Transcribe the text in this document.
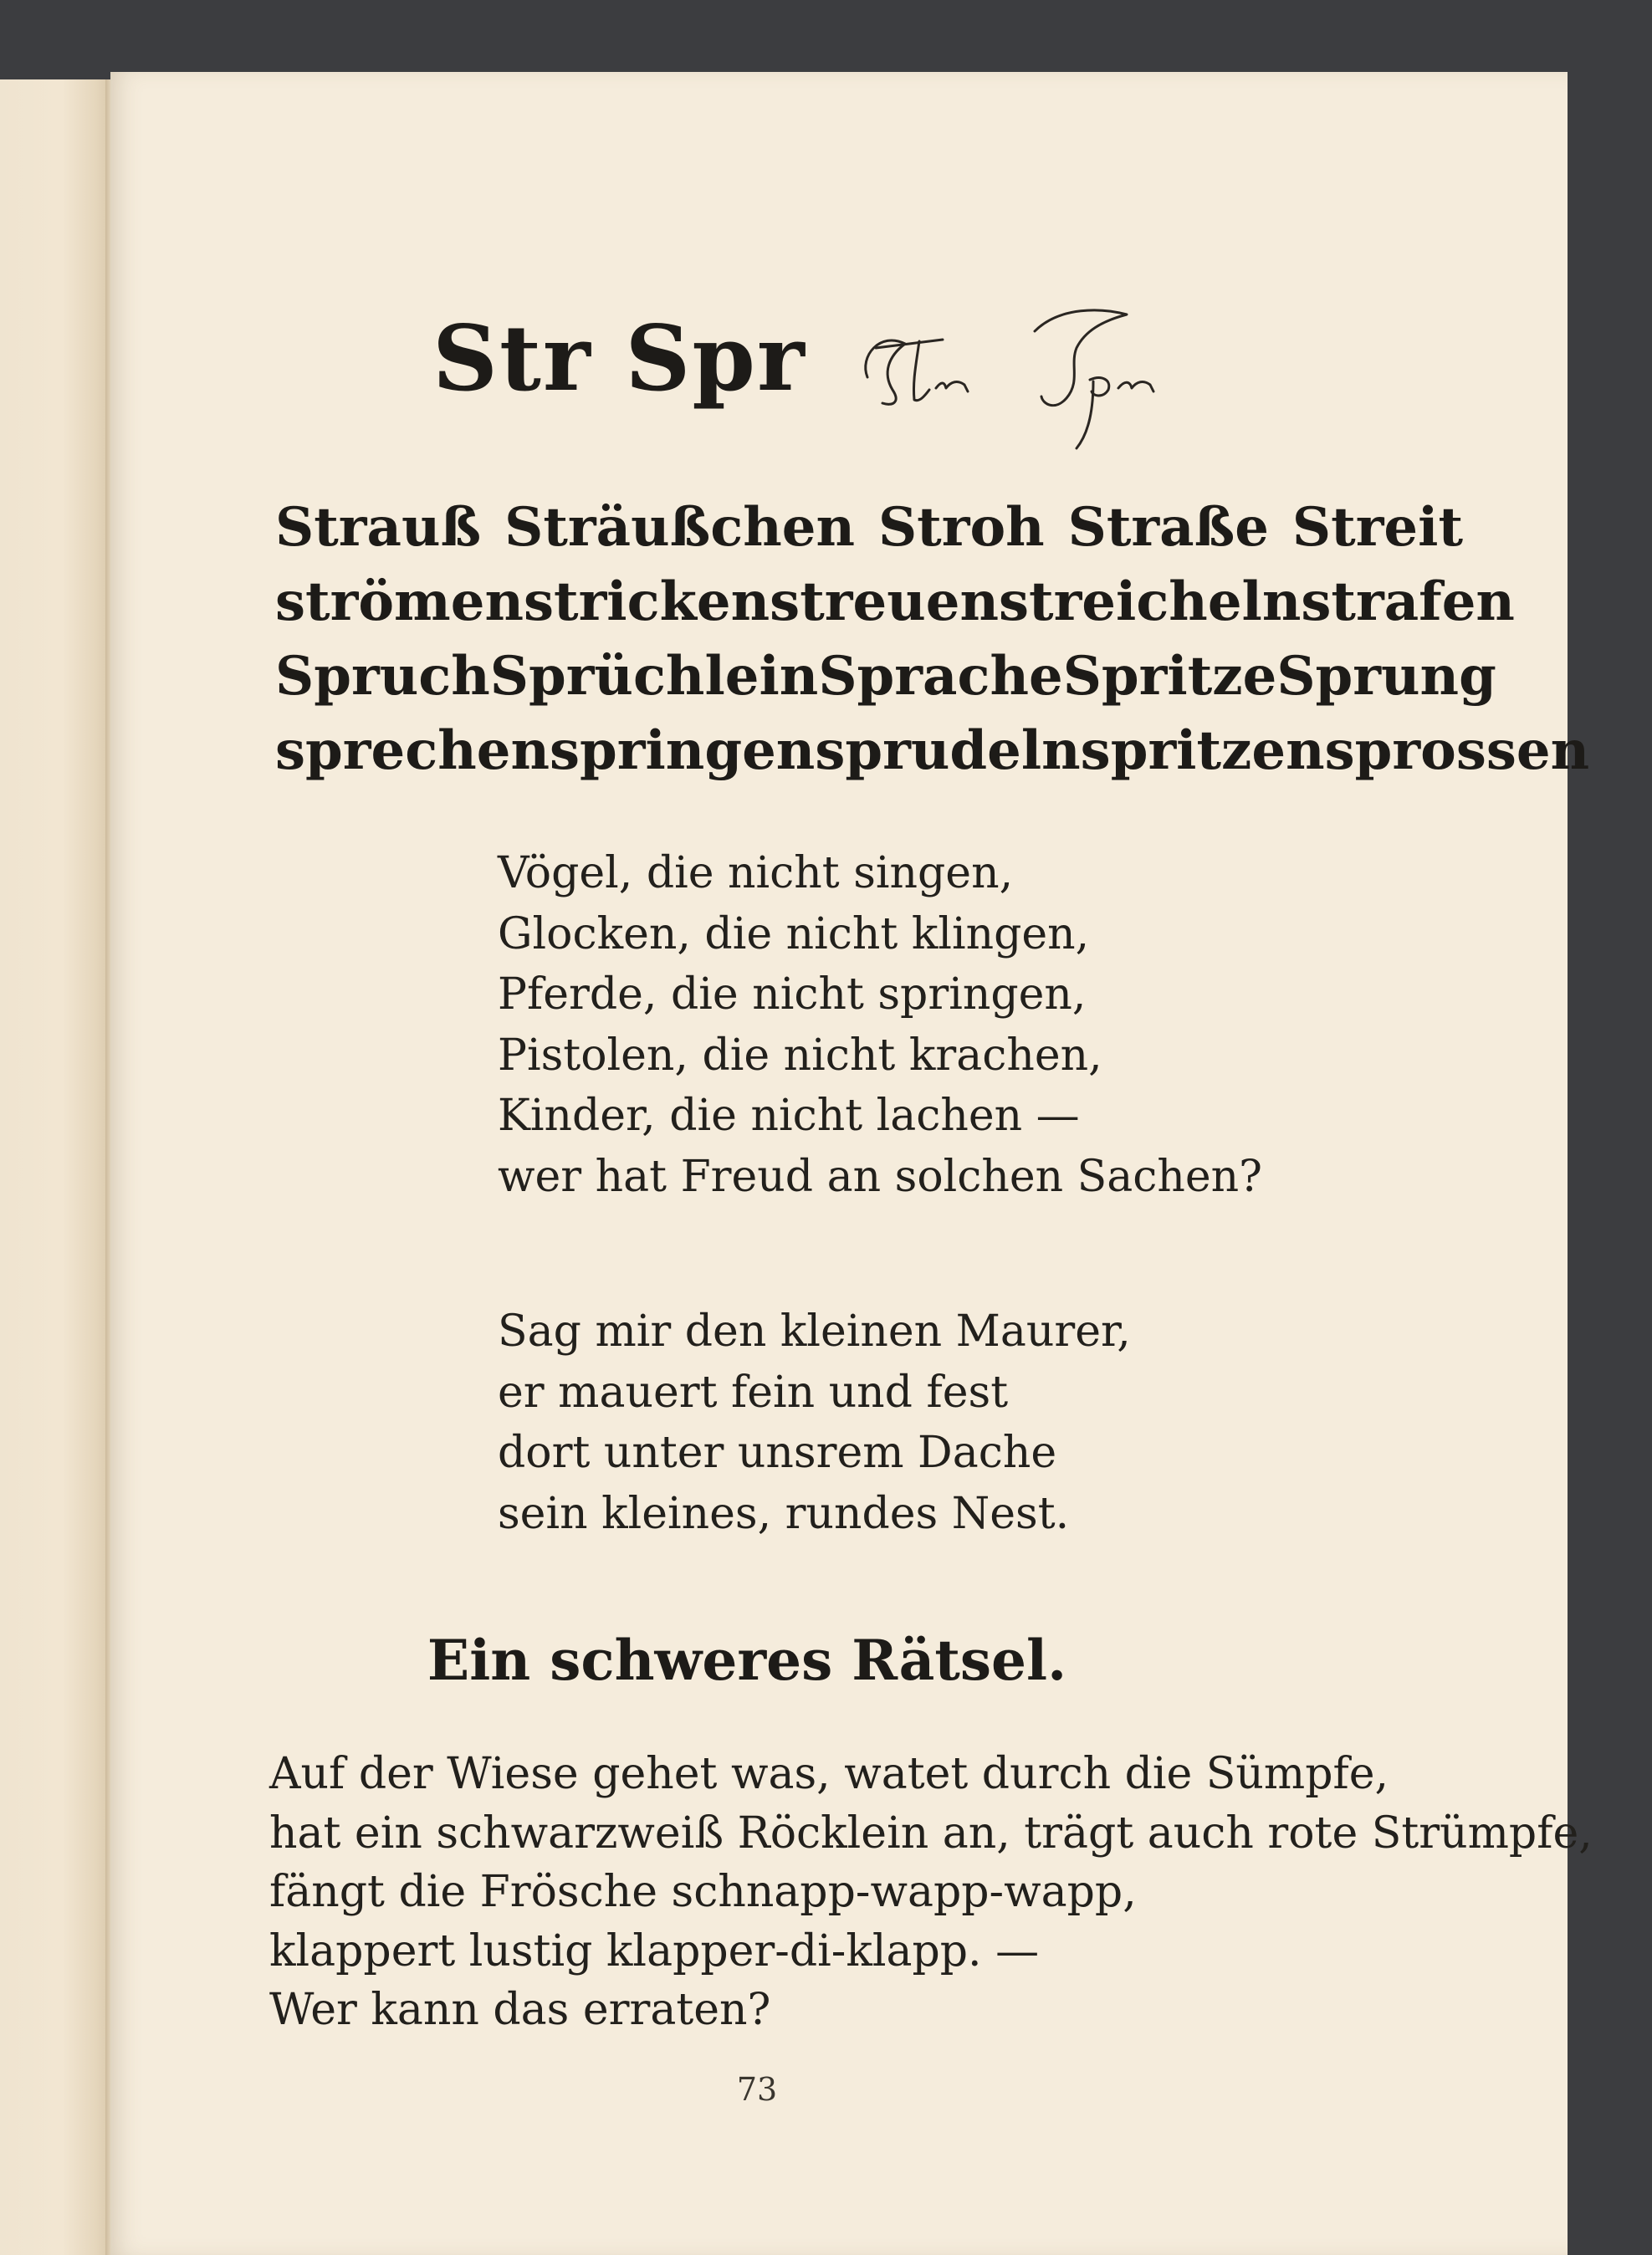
Str Spr
Strauß Sträußchen Stroh Straße Streit
strömen stricken streuen streicheln strafen
Spruch Sprüchlein Sprache Spritze Sprung
sprechen springen sprudeln spritzen sprossen
Vögel, die nicht singen,
Glocken, die nicht klingen,
Pferde, die nicht springen,
Pistolen, die nicht krachen,
Kinder, die nicht lachen —
wer hat Freud an solchen Sachen?
Sag mir den kleinen Maurer,
er mauert fein und fest
dort unter unsrem Dache
sein kleines, rundes Nest.
Ein schweres Rätsel.
Auf der Wiese gehet was, watet durch die Sümpfe,
hat ein schwarzweiß Röcklein an, trägt auch rote Strümpfe,
fängt die Frösche schnapp-wapp-wapp,
klappert lustig klapper-di-klapp. —
Wer kann das erraten?
73
